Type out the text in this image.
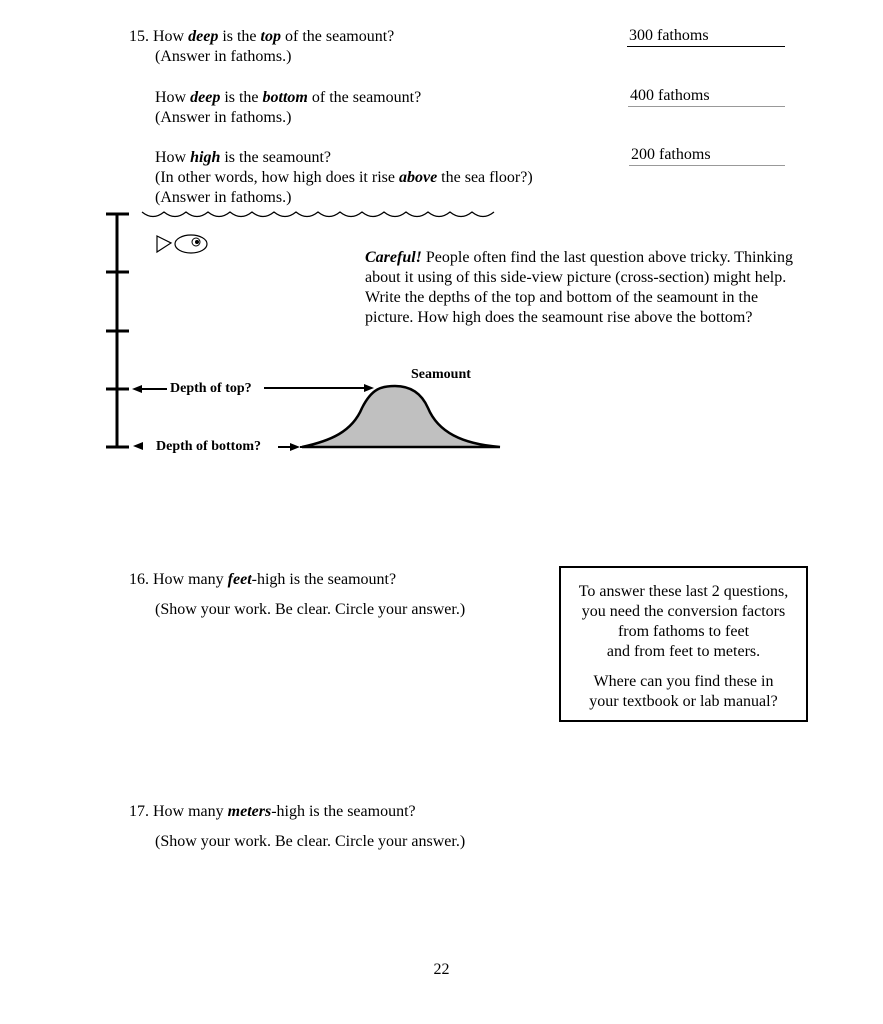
15. How deep is the top of the seamount?
(Answer in fathoms.)
300 fathoms
How deep is the bottom of the seamount?
(Answer in fathoms.)
400 fathoms
How high is the seamount?
(In other words, how high does it rise above the sea floor?)
(Answer in fathoms.)
200 fathoms
Depth of top?
Depth of bottom?
Seamount
Careful! People often find the last question above tricky. Thinking about it using of this side-view picture (cross-section) might help. Write the depths of the top and bottom of the seamount in the picture. How high does the seamount rise above the bottom?
16. How many feet-high is the seamount?
(Show your work. Be clear. Circle your answer.)

To answer these last 2 questions,
you need the conversion factors
from fathoms to feet
and from feet to meters.

Where can you find these in
your textbook or lab manual?

17. How many meters-high is the seamount?
(Show your work. Be clear. Circle your answer.)
22
